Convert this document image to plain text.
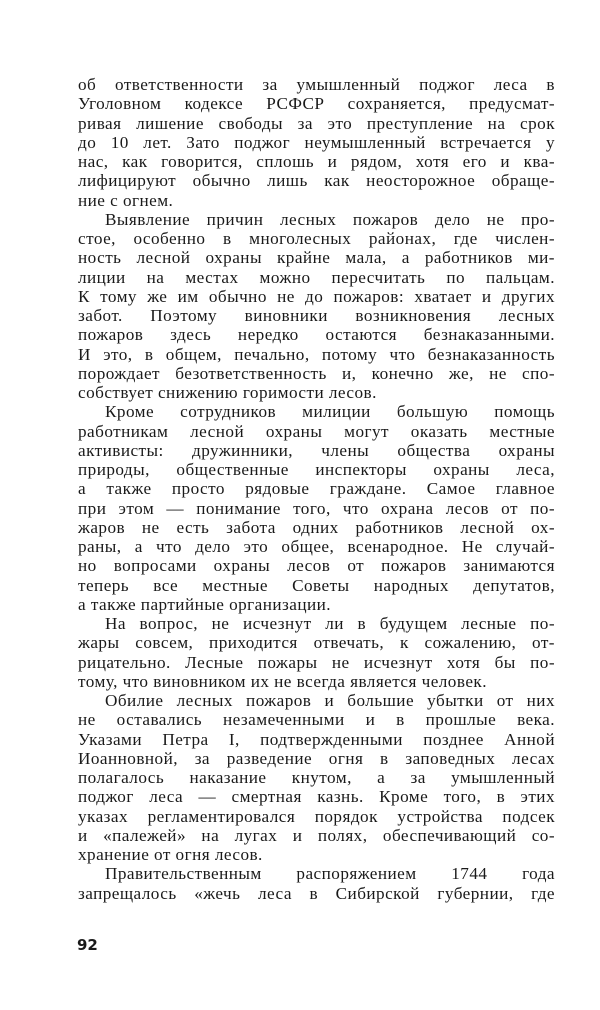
об ответственности за умышленный поджог леса в
Уголовном кодексе РСФСР сохраняется, предусмат-
ривая лишение свободы за это преступление на срок
до 10 лет. Зато поджог неумышленный встречается у
нас, как говорится, сплошь и рядом, хотя его и ква-
лифицируют обычно лишь как неосторожное обраще-
ние с огнем.
Выявление причин лесных пожаров дело не про-
стое, особенно в многолесных районах, где числен-
ность лесной охраны крайне мала, а работников ми-
лиции на местах можно пересчитать по пальцам.
К тому же им обычно не до пожаров: хватает и других
забот. Поэтому виновники возникновения лесных
пожаров здесь нередко остаются безнаказанными.
И это, в общем, печально, потому что безнаказанность
порождает безответственность и, конечно же, не спо-
собствует снижению горимости лесов.
Кроме сотрудников милиции большую помощь
работникам лесной охраны могут оказать местные
активисты: дружинники, члены общества охраны
природы, общественные инспекторы охраны леса,
а также просто рядовые граждане. Самое главное
при этом — понимание того, что охрана лесов от по-
жаров не есть забота одних работников лесной ох-
раны, а что дело это общее, всенародное. Не случай-
но вопросами охраны лесов от пожаров занимаются
теперь все местные Советы народных депутатов,
а также партийные организации.
На вопрос, не исчезнут ли в будущем лесные по-
жары совсем, приходится отвечать, к сожалению, от-
рицательно. Лесные пожары не исчезнут хотя бы по-
тому, что виновником их не всегда является человек.
Обилие лесных пожаров и большие убытки от них
не оставались незамеченными и в прошлые века.
Указами Петра I, подтвержденными позднее Анной
Иоанновной, за разведение огня в заповедных лесах
полагалось наказание кнутом, а за умышленный
поджог леса — смертная казнь. Кроме того, в этих
указах регламентировался порядок устройства подсек
и «палежей» на лугах и полях, обеспечивающий со-
хранение от огня лесов.
Правительственным распоряжением 1744 года
запрещалось «жечь леса в Сибирской губернии, где
92
